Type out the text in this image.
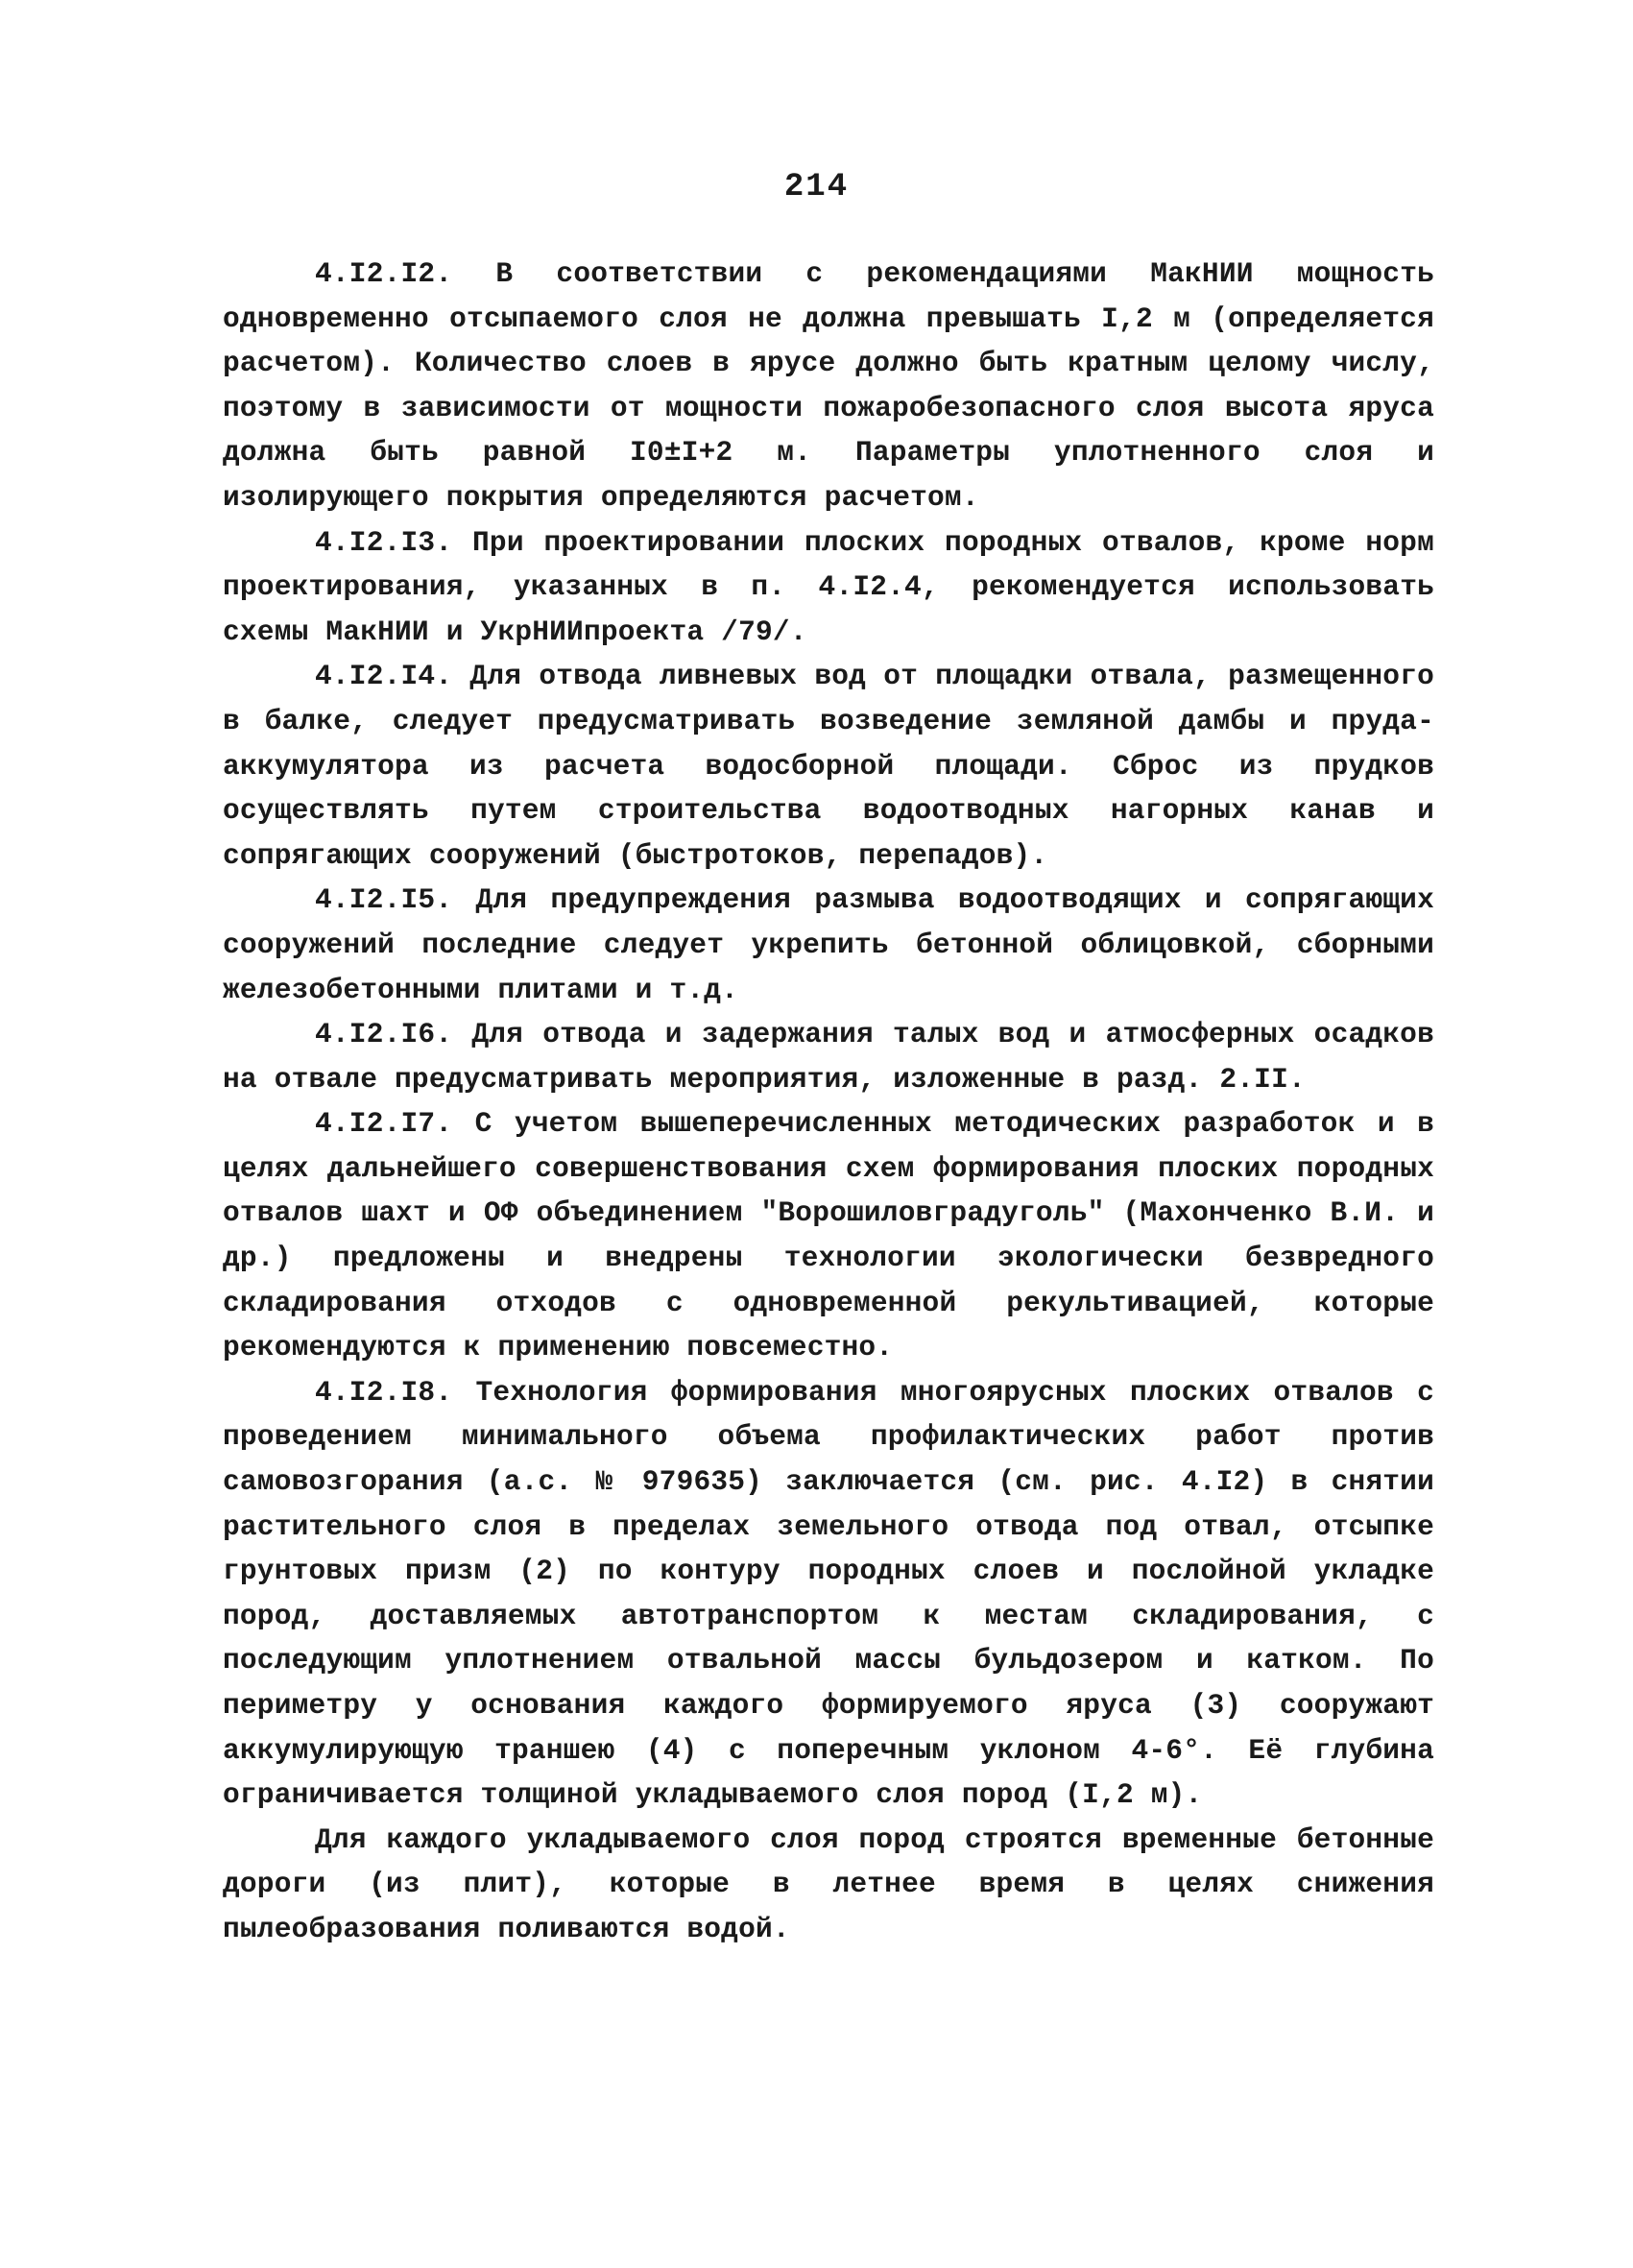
214

4.I2.I2. В соответствии с рекомендациями МакНИИ мощность одновременно отсыпаемого слоя не должна превышать I,2 м (определяется расчетом). Количество слоев в ярусе должно быть кратным целому числу, поэтому в зависимости от мощности пожаробезопасного слоя высота яруса должна быть равной I0±I+2 м. Параметры уплотненного слоя и изолирующего покрытия определяются расчетом.

4.I2.I3. При проектировании плоских породных отвалов, кроме норм проектирования, указанных в п. 4.I2.4, рекомендуется использовать схемы МакНИИ и УкрНИИпроекта /79/.

4.I2.I4. Для отвода ливневых вод от площадки отвала, размещенного в балке, следует предусматривать возведение земляной дамбы и пруда-аккумулятора из расчета водосборной площади. Сброс из прудков осуществлять путем строительства водоотводных нагорных канав и сопрягающих сооружений (быстротоков, перепадов).

4.I2.I5. Для предупреждения размыва водоотводящих и сопрягающих сооружений последние следует укрепить бетонной облицовкой, сборными железобетонными плитами и т.д.

4.I2.I6. Для отвода и задержания талых вод и атмосферных осадков на отвале предусматривать мероприятия, изложенные в разд. 2.II.

4.I2.I7. С учетом вышеперечисленных методических разработок и в целях дальнейшего совершенствования схем формирования плоских породных отвалов шахт и ОФ объединением "Ворошиловградуголь" (Махонченко В.И. и др.) предложены и внедрены технологии экологически безвредного складирования отходов с одновременной рекультивацией, которые рекомендуются к применению повсеместно.

4.I2.I8. Технология формирования многоярусных плоских отвалов с проведением минимального объема профилактических работ против самовозгорания (а.с. № 979635) заключается (см. рис. 4.I2) в снятии растительного слоя в пределах земельного отвода под отвал, отсыпке грунтовых призм (2) по контуру породных слоев и послойной укладке пород, доставляемых автотранспортом к местам складирования, с последующим уплотнением отвальной массы бульдозером и катком. По периметру у основания каждого формируемого яруса (3) сооружают аккумулирующую траншею (4) с поперечным уклоном 4-6°. Её глубина ограничивается толщиной укладываемого слоя пород (I,2 м).

Для каждого укладываемого слоя пород строятся временные бетонные дороги (из плит), которые в летнее время в целях снижения пылеобразования поливаются водой.
